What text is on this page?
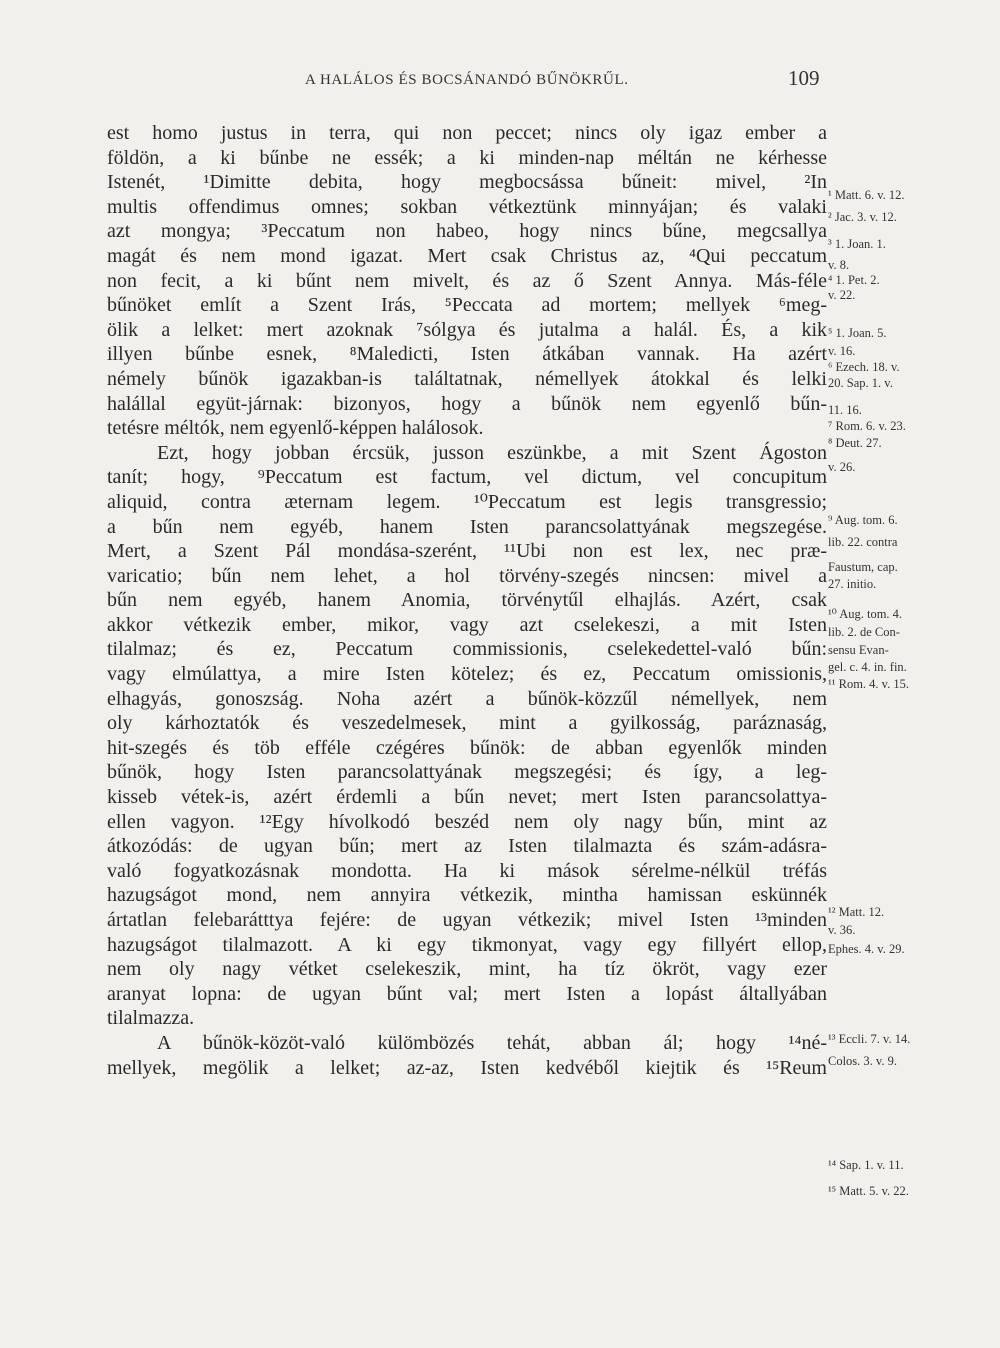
A HALÁLOS ÉS BOCSÁNANDÓ BŰNÖKRŰL.	109
est homo justus in terra, qui non peccet; nincs oly igaz ember a
földön, a ki bűnbe ne essék; a ki minden-nap méltán ne kérhesse
Istenét, ¹Dimitte debita, hogy megbocsássa bűneit: mivel, ²In
multis offendimus omnes; sokban vétkeztünk minnyájan; és valaki
azt mongya; ³Peccatum non habeo, hogy nincs bűne, megcsallya
magát és nem mond igazat. Mert csak Christus az, ⁴Qui peccatum
non fecit, a ki bűnt nem mivelt, és az ő Szent Annya. Más-féle
bűnöket említ a Szent Irás, ⁵Peccata ad mortem; mellyek ⁶meg-
ölik a lelket: mert azoknak ⁷sólgya és jutalma a halál. És, a kik
illyen bűnbe esnek, ⁸Maledicti, Isten átkában vannak. Ha azért
némely bűnök igazakban-is találtatnak, némellyek átokkal és lelki
halállal együt-járnak: bizonyos, hogy a bűnök nem egyenlő bűn-
tetésre méltók, nem egyenlő-képpen halálosok.
Ezt, hogy jobban ércsük, jusson eszünkbe, a mit Szent Ágoston
tanít; hogy, ⁹Peccatum est factum, vel dictum, vel concupitum
aliquid, contra æternam legem. ¹⁰Peccatum est legis transgressio;
a bűn nem egyéb, hanem Isten parancsolattyának megszegése.
Mert, a Szent Pál mondása-szerént, ¹¹Ubi non est lex, nec præ-
varicatio; bűn nem lehet, a hol törvény-szegés nincsen: mivel a
bűn nem egyéb, hanem Anomia, törvénytűl elhajlás. Azért, csak
akkor vétkezik ember, mikor, vagy azt cselekeszi, a mit Isten
tilalmaz; és ez, Peccatum commissionis, cselekedettel-való bűn:
vagy elmúlattya, a mire Isten kötelez; és ez, Peccatum omissionis,
elhagyás, gonoszság. Noha azért a bűnök-közzűl némellyek, nem
oly kárhoztatók és veszedelmesek, mint a gyilkosság, paráznaság,
hit-szegés és töb efféle czégéres bűnök: de abban egyenlők minden
bűnök, hogy Isten parancsolattyának megszegési; és így, a leg-
kisseb vétek-is, azért érdemli a bűn nevet; mert Isten parancsolattya-
ellen vagyon. ¹²Egy hívolkodó beszéd nem oly nagy bűn, mint az
átkozódás: de ugyan bűn; mert az Isten tilalmazta és szám-adásra-
való fogyatkozásnak mondotta. Ha ki mások sérelme-nélkül tréfás
hazugságot mond, nem annyira vétkezik, mintha hamissan eskünnék
ártatlan felebarátttya fejére: de ugyan vétkezik; mivel Isten ¹³minden
hazugságot tilalmazott. A ki egy tikmonyat, vagy egy fillyért ellop,
nem oly nagy vétket cselekeszik, mint, ha tíz ökröt, vagy ezer
aranyat lopna: de ugyan bűnt val; mert Isten a lopást általlyában
tilalmazza.
A bűnök-közöt-való külömbözés tehát, abban ál; hogy ¹⁴né-
mellyek, megölik a lelket; az-az, Isten kedvéből kiejtik és ¹⁵Reum
¹ Matt. 6. v. 12.
² Jac. 3. v. 12.
³ 1. Joan. 1.
v. 8.
⁴ 1. Pet. 2.
v. 22.
⁵ 1. Joan. 5.
v. 16.
⁶ Ezech. 18. v.
20. Sap. 1. v.
11. 16.
⁷ Rom. 6. v. 23.
⁸ Deut. 27.
v. 26.
⁹ Aug. tom. 6.
lib. 22. contra
Faustum, cap.
27. initio.
¹⁰ Aug. tom. 4.
lib. 2. de Con-
sensu Evan-
gel. c. 4. in. fin.
¹¹ Rom. 4. v. 15.
¹² Matt. 12.
v. 36.
Ephes. 4. v. 29.
¹³ Eccli. 7. v. 14.
Colos. 3. v. 9.
¹⁴ Sap. 1. v. 11.
¹⁵ Matt. 5. v. 22.
